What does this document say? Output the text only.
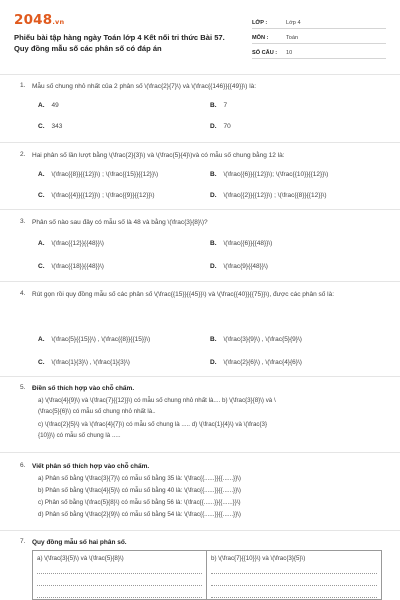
2048.vn
Phiếu bài tập hàng ngày Toán lớp 4 Kết nối tri thức Bài 57.
Quy đồng mẫu số các phân số có đáp án
LỚP :	Lớp 4
MÔN :	Toán
SỐ CÂU :	10
1. Mẫu số chung nhỏ nhất của 2 phân số \(\frac{2}{7}\) và \(\frac{{146}}{{49}}\) là:
A. 49	B. 7
C. 343	D. 70
2. Hai phân số lần lượt bằng \(\frac{2}{3}\) và \(\frac{5}{4}\)và có mẫu số chung bằng 12 là:
A. \(\frac{{8}}{{12}}\) ; \(\frac{{15}}{{12}}\)	B. \(\frac{{6}}{{12}}\); \(\frac{{10}}{{12}}\)
C. \(\frac{{4}}{{12}}\) ; \(\frac{{9}}{{12}}\)	D. \(\frac{{2}}{{12}}\) ; \(\frac{{8}}{{12}}\)
3. Phân số nào sau đây có mẫu số là 48 và bằng \(\frac{3}{8}\)?
A. \(\frac{{12}}{{48}}\)	B. \(\frac{{6}}{{48}}\)
C. \(\frac{{18}}{{48}}\)	D. \(\frac{9}{{48}}\)
4. Rút gọn rồi quy đồng mẫu số các phân số \(\frac{{15}}{{45}}\) và \(\frac{{40}}{{75}}\), được các phân số là:
A. \(\frac{5}{{15}}\) , \(\frac{{8}}{{15}}\)	B. \(\frac{3}{9}\) , \(\frac{5}{9}\)
C. \(\frac{1}{3}\) , \(\frac{1}{3}\)	D. \(\frac{2}{6}\) , \(\frac{4}{6}\)
5. Điền số thích hợp vào chỗ chấm.
a) \(\frac{4}{9}\) và \(\frac{7}{{12}}\) có mẫu số chung nhỏ nhất là.... b) \(\frac{3}{8}\) và \
(\frac{5}{6}\) có mẫu số chung nhỏ nhất là..
c) \(\frac{2}{5}\) và \(\frac{4}{7}\) có mẫu số chung là ..... d) \(\frac{1}{4}\) và \(\frac{3}
{10}}\) có mẫu số chung là .....
6. Viết phân số thích hợp vào chỗ chấm.
a) Phân số bằng \(\frac{3}{7}\) có mẫu số bằng 35 là: \(\frac{{......}}{{......}}\)
b) Phân số bằng \(\frac{4}{5}\) có mẫu số bằng 40 là: \(\frac{{......}}{{......}}\)
c) Phân số bằng \(\frac{5}{8}\) có mẫu số bằng 56 là: \(\frac{{......}}{{......}}\)
d) Phân số bằng \(\frac{2}{9}\) có mẫu số bằng 54 là: \(\frac{{......}}{{......}}\)
7. Quy đồng mẫu số hai phân số.
a) \(\frac{3}{5}\) và \(\frac{5}{8}\)	b) \(\frac{7}{{10}}\) và \(\frac{3}{5}\)
